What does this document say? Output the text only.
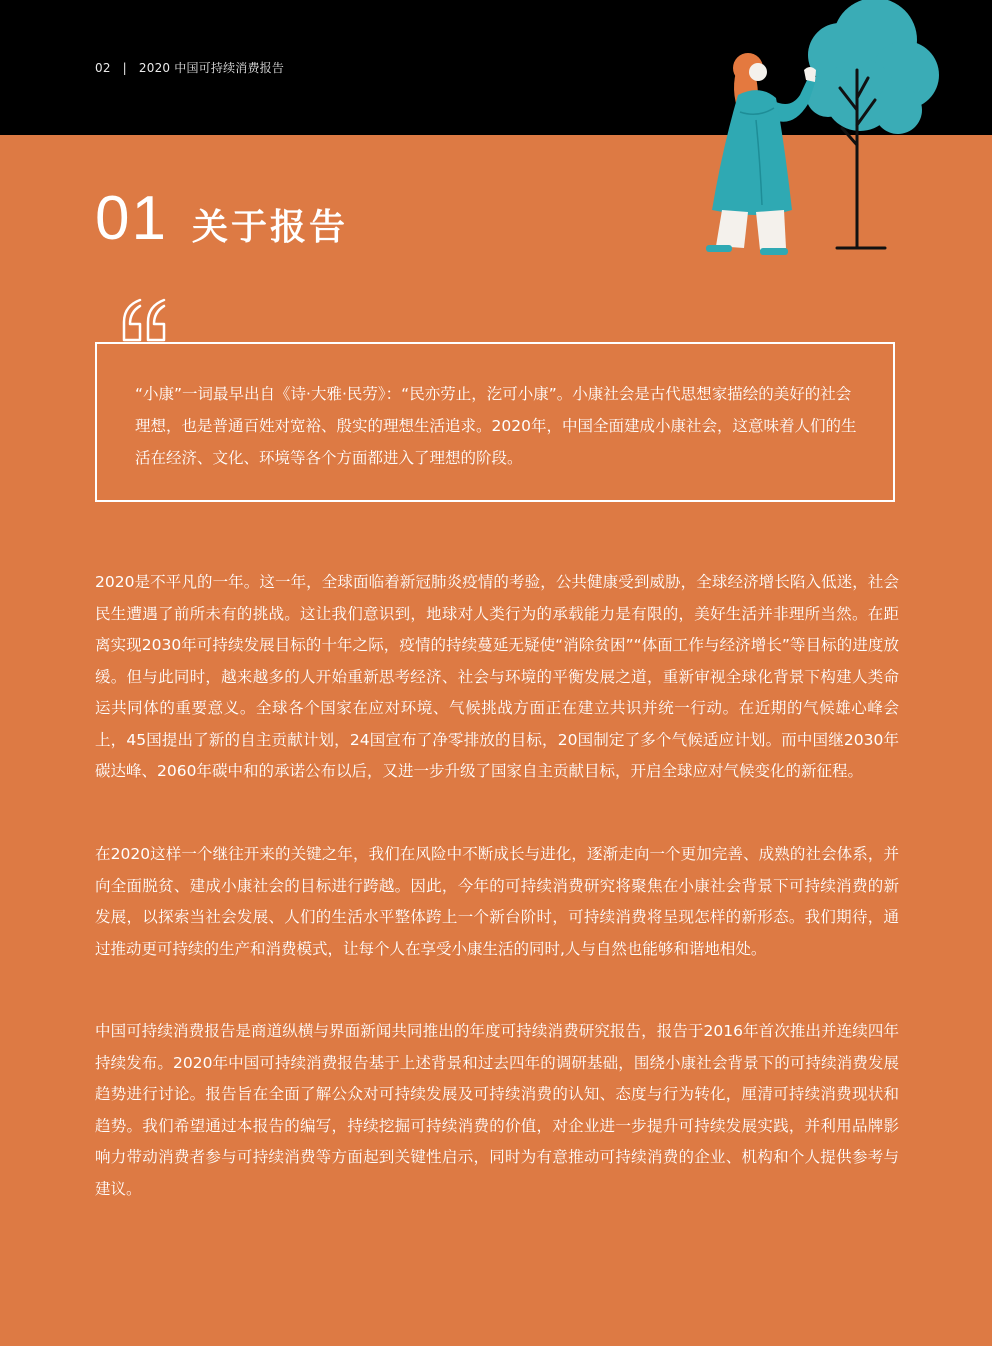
02 | 2020 中国可持续消费报告
01 关于报告

“小康”一词最早出自《诗·大雅·民劳》：“民亦劳止，汔可小康”。小康社会是古代思想家描绘的美好的社会理想，也是普通百姓对宽裕、殷实的理想生活追求。2020年，中国全面建成小康社会，这意味着人们的生活在经济、文化、环境等各个方面都进入了理想的阶段。

2020是不平凡的一年。这一年，全球面临着新冠肺炎疫情的考验，公共健康受到威胁，全球经济增长陷入低迷，社会民生遭遇了前所未有的挑战。这让我们意识到，地球对人类行为的承载能力是有限的，美好生活并非理所当然。在距离实现2030年可持续发展目标的十年之际，疫情的持续蔓延无疑使“消除贫困”“体面工作与经济增长”等目标的进度放缓。但与此同时，越来越多的人开始重新思考经济、社会与环境的平衡发展之道，重新审视全球化背景下构建人类命运共同体的重要意义。全球各个国家在应对环境、气候挑战方面正在建立共识并统一行动。在近期的气候雄心峰会上，45国提出了新的自主贡献计划，24国宣布了净零排放的目标，20国制定了多个气候适应计划。而中国继2030年碳达峰、2060年碳中和的承诺公布以后，又进一步升级了国家自主贡献目标，开启全球应对气候变化的新征程。

在2020这样一个继往开来的关键之年，我们在风险中不断成长与进化，逐渐走向一个更加完善、成熟的社会体系，并向全面脱贫、建成小康社会的目标进行跨越。因此，今年的可持续消费研究将聚焦在小康社会背景下可持续消费的新发展，以探索当社会发展、人们的生活水平整体跨上一个新台阶时，可持续消费将呈现怎样的新形态。我们期待，通过推动更可持续的生产和消费模式，让每个人在享受小康生活的同时,人与自然也能够和谐地相处。

中国可持续消费报告是商道纵横与界面新闻共同推出的年度可持续消费研究报告，报告于2016年首次推出并连续四年持续发布。2020年中国可持续消费报告基于上述背景和过去四年的调研基础，围绕小康社会背景下的可持续消费发展趋势进行讨论。报告旨在全面了解公众对可持续发展及可持续消费的认知、态度与行为转化，厘清可持续消费现状和趋势。我们希望通过本报告的编写，持续挖掘可持续消费的价值，对企业进一步提升可持续发展实践，并利用品牌影响力带动消费者参与可持续消费等方面起到关键性启示，同时为有意推动可持续消费的企业、机构和个人提供参考与建议。
